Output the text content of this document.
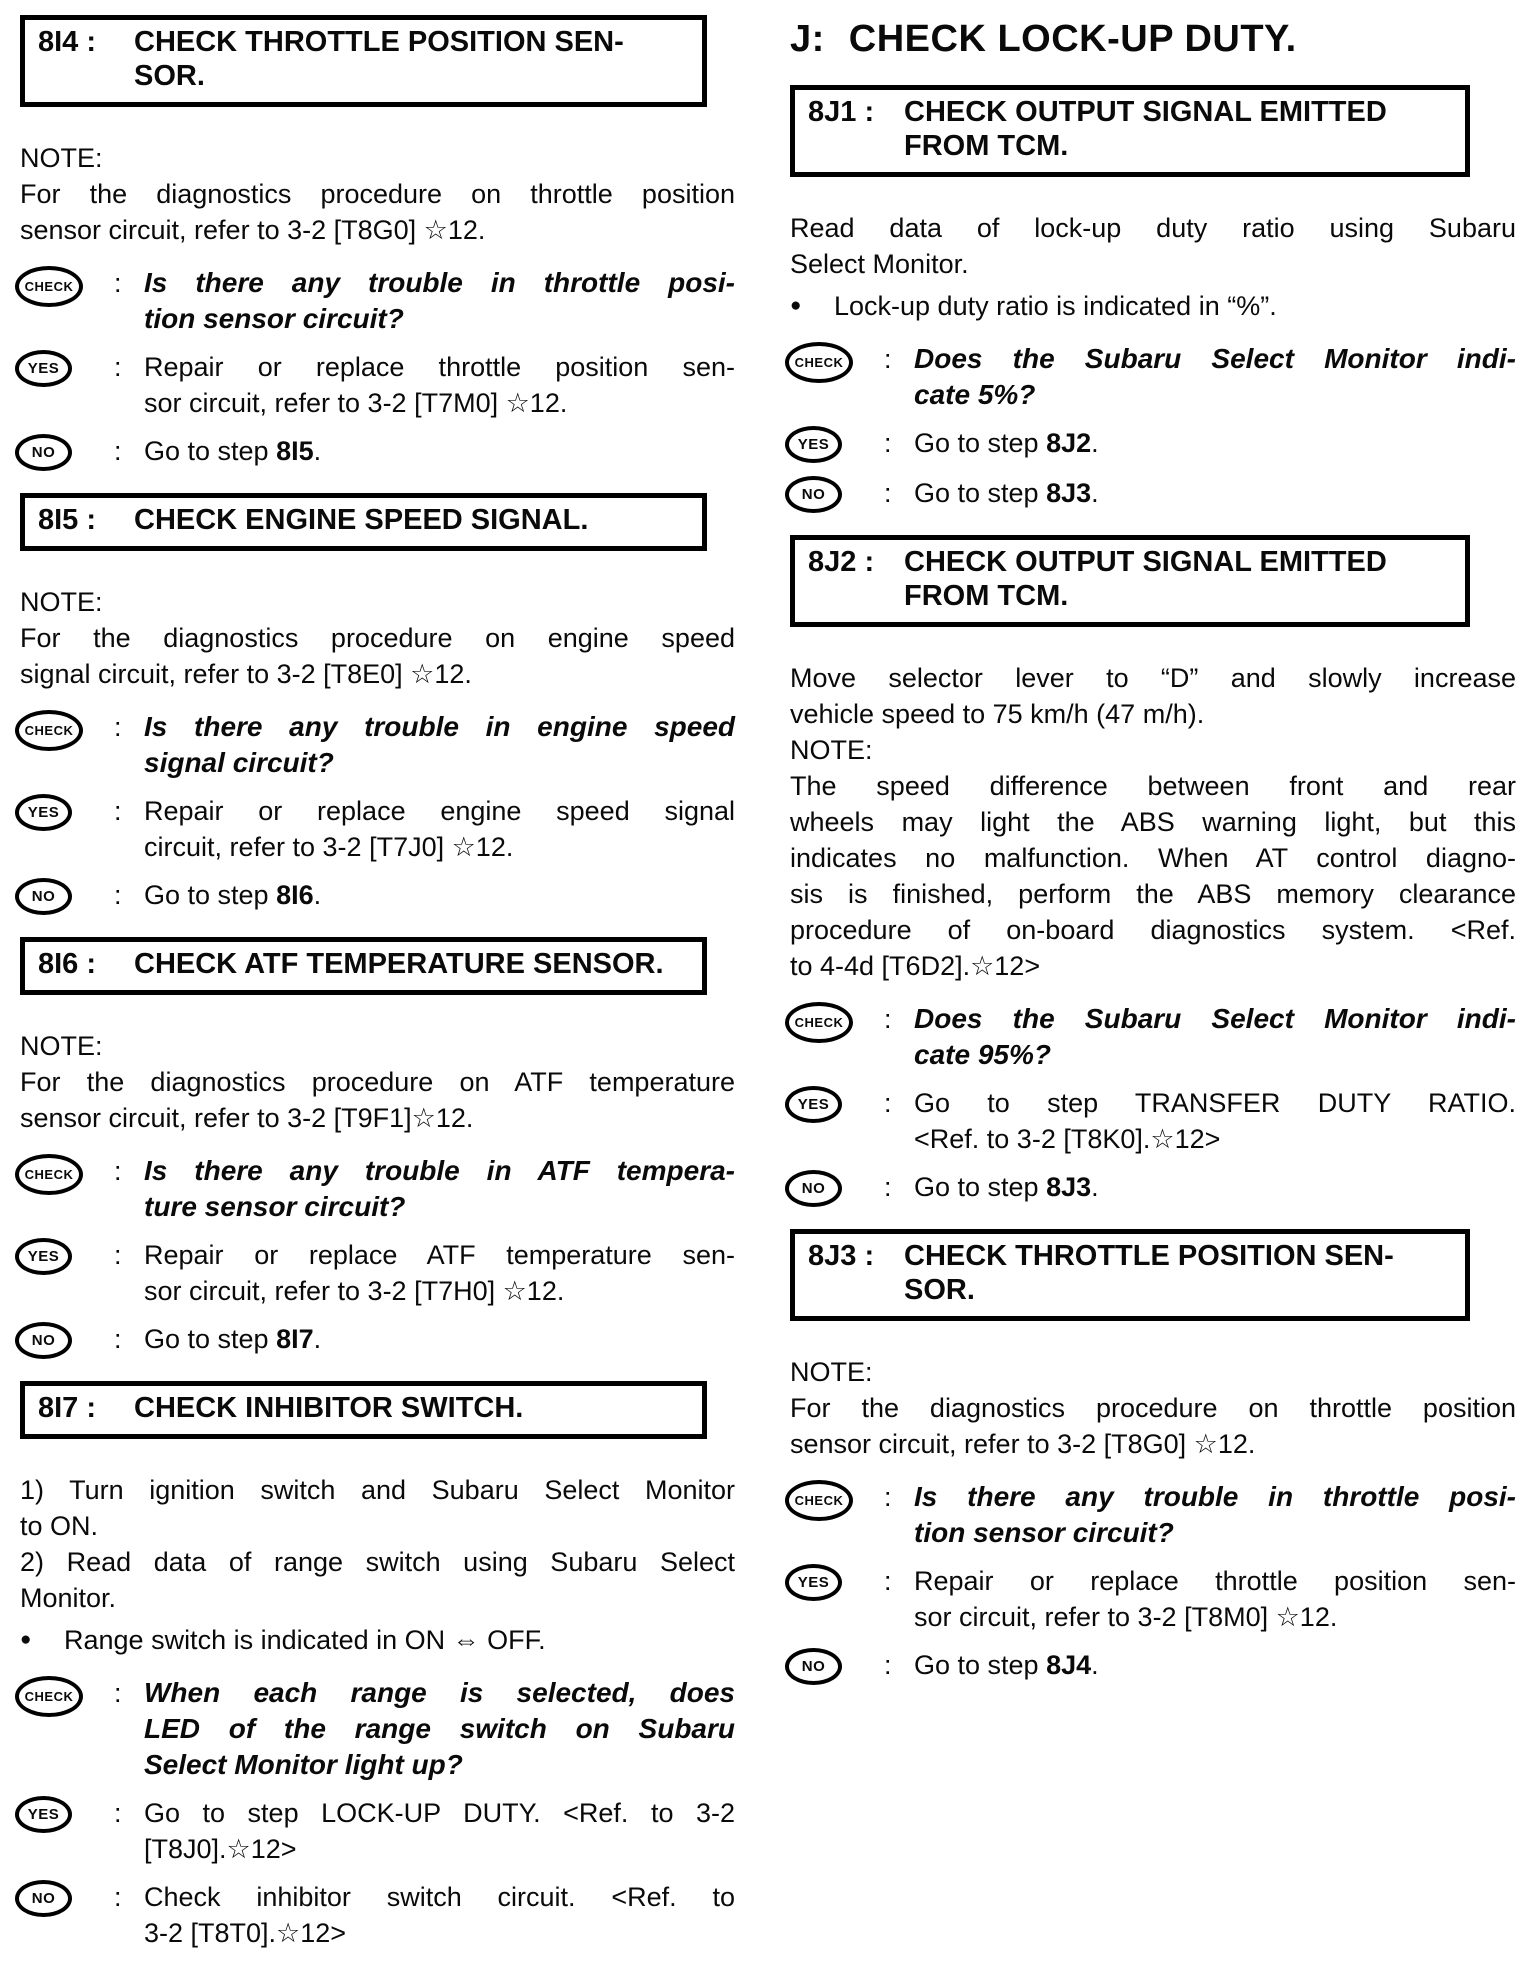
8I4 :	CHECK THROTTLE POSITION SEN-
SOR.
NOTE:
For the diagnostics procedure on throttle position
sensor circuit, refer to 3-2 [T8G0] ☆12.
CHECK	: Is there any trouble in throttle posi-
tion sensor circuit?
YES	: Repair or replace throttle position sen-
sor circuit, refer to 3-2 [T7M0] ☆12.
NO	: Go to step 8I5.
8I5 :	CHECK ENGINE SPEED SIGNAL.
NOTE:
For the diagnostics procedure on engine speed
signal circuit, refer to 3-2 [T8E0] ☆12.
CHECK	: Is there any trouble in engine speed
signal circuit?
YES	: Repair or replace engine speed signal
circuit, refer to 3-2 [T7J0] ☆12.
NO	: Go to step 8I6.
8I6 :	CHECK ATF TEMPERATURE SENSOR.
NOTE:
For the diagnostics procedure on ATF temperature
sensor circuit, refer to 3-2 [T9F1]☆12.
CHECK	: Is there any trouble in ATF tempera-
ture sensor circuit?
YES	: Repair or replace ATF temperature sen-
sor circuit, refer to 3-2 [T7H0] ☆12.
NO	: Go to step 8I7.
8I7 :	CHECK INHIBITOR SWITCH.
1) Turn ignition switch and Subaru Select Monitor
to ON.
2) Read data of range switch using Subaru Select
Monitor.
●	Range switch is indicated in ON ⇔ OFF.
CHECK	: When each range is selected, does
LED of the range switch on Subaru
Select Monitor light up?
YES	: Go to step LOCK-UP DUTY. <Ref. to 3-2
[T8J0].☆12>
NO	: Check inhibitor switch circuit. <Ref. to
3-2 [T8T0].☆12>
J: CHECK LOCK-UP DUTY.
8J1 :	CHECK OUTPUT SIGNAL EMITTED
FROM TCM.
Read data of lock-up duty ratio using Subaru
Select Monitor.
●	Lock-up duty ratio is indicated in “%”.
CHECK	: Does the Subaru Select Monitor indi-
cate 5%?
YES	: Go to step 8J2.
NO	: Go to step 8J3.
8J2 :	CHECK OUTPUT SIGNAL EMITTED
FROM TCM.
Move selector lever to “D” and slowly increase
vehicle speed to 75 km/h (47 m/h).
NOTE:
The speed difference between front and rear
wheels may light the ABS warning light, but this
indicates no malfunction. When AT control diagno-
sis is finished, perform the ABS memory clearance
procedure of on-board diagnostics system. <Ref.
to 4-4d [T6D2].☆12>
CHECK	: Does the Subaru Select Monitor indi-
cate 95%?
YES	: Go to step TRANSFER DUTY RATIO.
<Ref. to 3-2 [T8K0].☆12>
NO	: Go to step 8J3.
8J3 :	CHECK THROTTLE POSITION SEN-
SOR.
NOTE:
For the diagnostics procedure on throttle position
sensor circuit, refer to 3-2 [T8G0] ☆12.
CHECK	: Is there any trouble in throttle posi-
tion sensor circuit?
YES	: Repair or replace throttle position sen-
sor circuit, refer to 3-2 [T8M0] ☆12.
NO	: Go to step 8J4.
